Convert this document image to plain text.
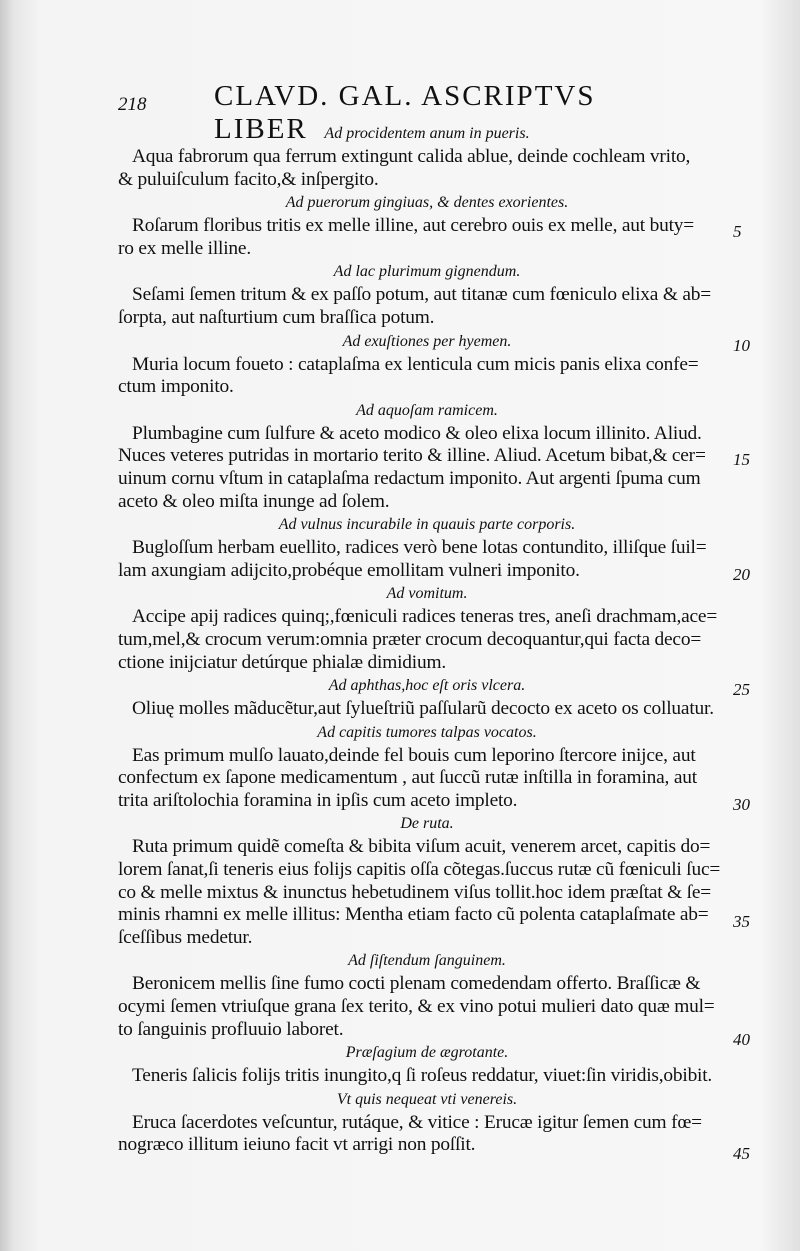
218 CLAVD. GAL. ASCRIPTVS LIBER	Ad procidentem anum in pueris.
Aqua fabrorum qua ferrum extingunt calida ablue, deinde cochleam vrito,
& puluiſculum facito,& inſpergito.
Ad puerorum gingiuas, & dentes exorientes.
Roſarum floribus tritis ex melle illine, aut cerebro ouis ex melle, aut buty=
ro ex melle illine.
Ad lac plurimum gignendum.
Seſami ſemen tritum & ex paſſo potum, aut titanæ cum fœniculo elixa & ab=
ſorpta, aut naſturtium cum braſſica potum.
Ad exuſtiones per hyemen.
Muria locum foueto : cataplaſma ex lenticula cum micis panis elixa confe=
ctum imponito.
Ad aquoſam ramicem.
Plumbagine cum ſulfure & aceto modico & oleo elixa locum illinito. Aliud.
Nuces veteres putridas in mortario terito & illine. Aliud. Acetum bibat,& cer=
uinum cornu vſtum in cataplaſma redactum imponito. Aut argenti ſpuma cum
aceto & oleo miſta inunge ad ſolem.
Ad vulnus incurabile in quauis parte corporis.
Bugloſſum herbam euellito, radices verò bene lotas contundito, illiſque ſuil=
lam axungiam adijcito,probéque emollitam vulneri imponito.
Ad vomitum.
Accipe apij radices quinq;,fœniculi radices teneras tres, aneſi drachmam,ace=
tum,mel,& crocum verum:omnia præter crocum decoquantur,qui facta deco=
ctione inijciatur detúrque phialæ dimidium.
Ad aphthas,hoc eſt oris vlcera.
Oliuę molles mãducẽtur,aut ſylueſtriũ paſſularũ decocto ex aceto os colluatur.
Ad capitis tumores talpas vocatos.
Eas primum mulſo lauato,deinde fel bouis cum leporino ſtercore inijce, aut
confectum ex ſapone medicamentum , aut ſuccũ rutæ inſtilla in foramina, aut
trita ariſtolochia foramina in ipſis cum aceto impleto.
De ruta.
Ruta primum quidẽ comeſta & bibita viſum acuit, venerem arcet, capitis do=
lorem ſanat,ſi teneris eius folijs capitis oſſa cõtegas.ſuccus rutæ cũ fœniculi ſuc=
co & melle mixtus & inunctus hebetudinem viſus tollit.hoc idem præſtat & ſe=
minis rhamni ex melle illitus: Mentha etiam facto cũ polenta cataplaſmate ab=
ſceſſibus medetur.
Ad ſiſtendum ſanguinem.
Beronicem mellis ſine fumo cocti plenam comedendam offerto. Braſſicæ &
ocymi ſemen vtriuſque grana ſex terito, & ex vino potui mulieri dato quæ mul=
to ſanguinis profluuio laboret.
Præſagium de ægrotante.
Teneris ſalicis folijs tritis inungito,q ſi roſeus reddatur, viuet:ſin viridis,obibit.
Vt quis nequeat vti venereis.
Eruca ſacerdotes veſcuntur, rutáque, & vitice : Erucæ igitur ſemen cum fœ=
nogræco illitum ieiuno facit vt arrigi non poſſit.
5
10
15
20
25
30
35
40
45
